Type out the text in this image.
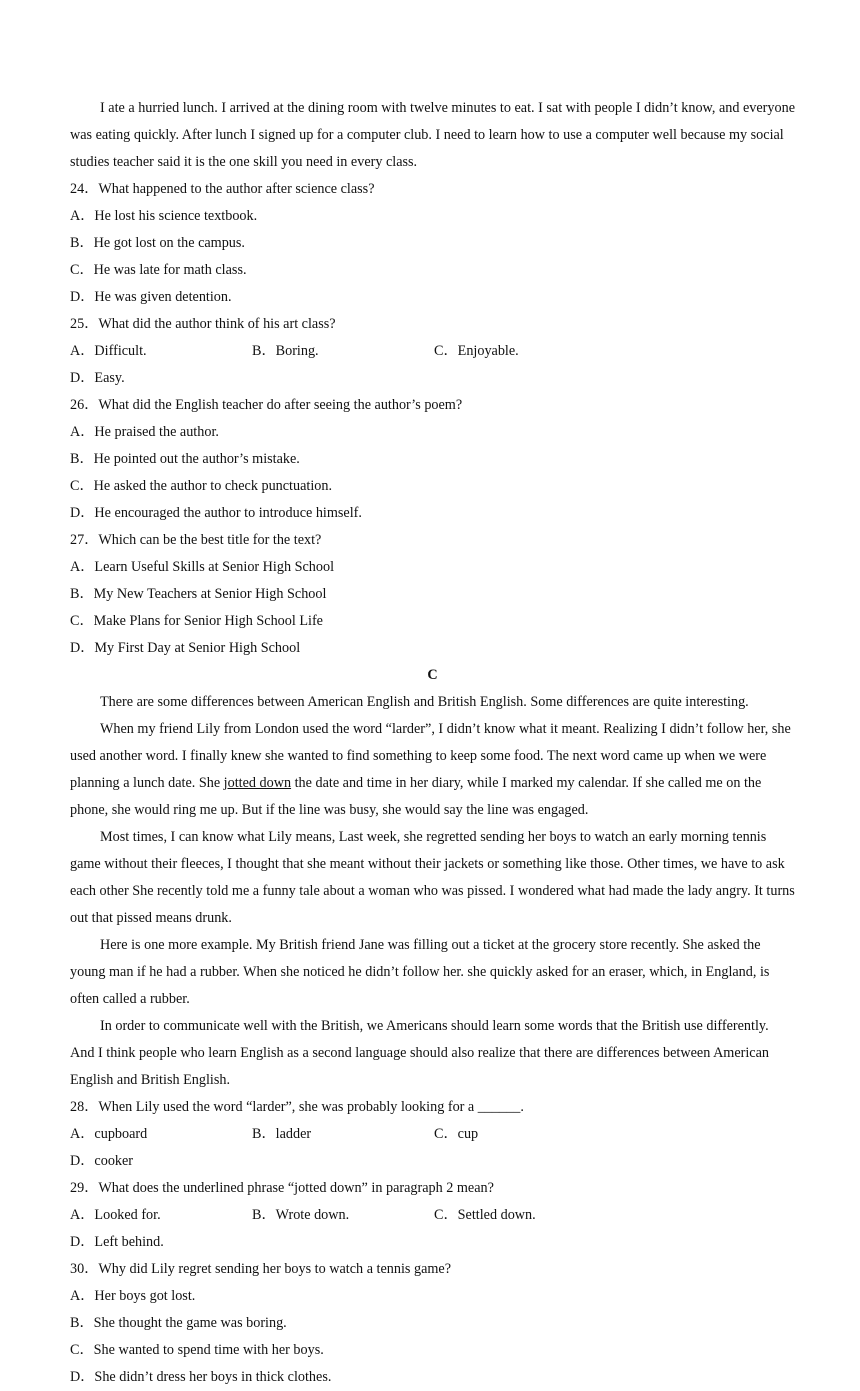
I ate a hurried lunch. I arrived at the dining room with twelve minutes to eat. I sat with people I didn’t know, and everyone was eating quickly. After lunch I signed up for a computer club. I need to learn how to use a computer well because my social studies teacher said it is the one skill you need in every class.

24．What happened to the author after science class?

A．He lost his science textbook.

B．He got lost on the campus.

C．He was late for math class.

D．He was given detention.

25．What did the author think of his art class?

A．Difficult.	B．Boring.	C．Enjoyable.

D．Easy.

26．What did the English teacher do after seeing the author’s poem?

A．He praised the author.

B．He pointed out the author’s mistake.

C．He asked the author to check punctuation.

D．He encouraged the author to introduce himself.

27．Which can be the best title for the text?

A．Learn Useful Skills at Senior High School

B．My New Teachers at Senior High School

C．Make Plans for Senior High School Life

D．My First Day at Senior High School

C

There are some differences between American English and British English. Some differences are quite interesting.

When my friend Lily from London used the word “larder”, I didn’t know what it meant. Realizing I didn’t follow her, she used another word. I finally knew she wanted to find something to keep some food. The next word came up when we were planning a lunch date. She jotted down the date and time in her diary, while I marked my calendar. If she called me on the phone, she would ring me up. But if the line was busy, she would say the line was engaged.

Most times, I can know what Lily means, Last week, she regretted sending her boys to watch an early morning tennis game without their fleeces, I thought that she meant without their jackets or something like those. Other times, we have to ask each other She recently told me a funny tale about a woman who was pissed. I wondered what had made the lady angry. It turns out that pissed means drunk.

Here is one more example. My British friend Jane was filling out a ticket at the grocery store recently. She asked the young man if he had a rubber. When she noticed he didn’t follow her. she quickly asked for an eraser, which, in England, is often called a rubber.

In order to communicate well with the British, we Americans should learn some words that the British use differently. And I think people who learn English as a second language should also realize that there are differences between American English and British English.

28．When Lily used the word “larder”, she was probably looking for a ______.

A．cupboard	B．ladder	C．cup

D．cooker

29．What does the underlined phrase “jotted down” in paragraph 2 mean?

A．Looked for.	B．Wrote down.	C．Settled down.

D．Left behind.

30．Why did Lily regret sending her boys to watch a tennis game?

A．Her boys got lost.

B．She thought the game was boring.

C．She wanted to spend time with her boys.

D．She didn’t dress her boys in thick clothes.
